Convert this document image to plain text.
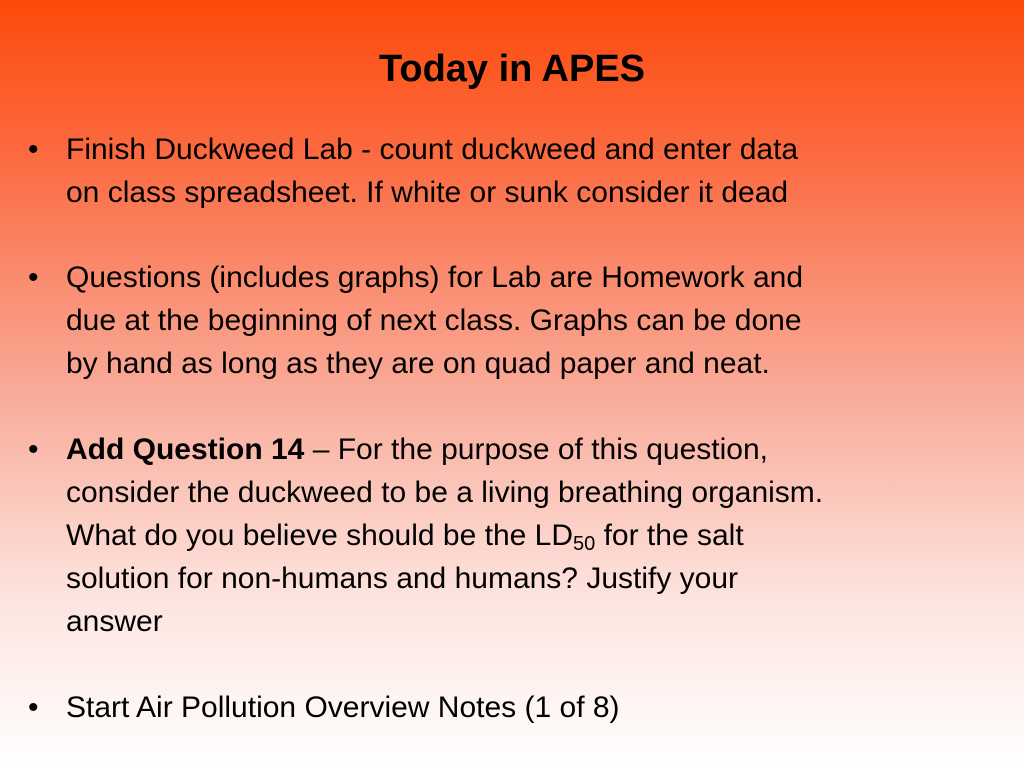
Today in APES
• Finish Duckweed Lab - count duckweed and enter data
on class spreadsheet. If white or sunk consider it dead
• Questions (includes graphs) for Lab are Homework and
due at the beginning of next class. Graphs can be done
by hand as long as they are on quad paper and neat.
• Add Question 14 – For the purpose of this question,
consider the duckweed to be a living breathing organism.
What do you believe should be the $LD_{50}$ for the salt
solution for non-humans and humans? Justify your
answer
• Start Air Pollution Overview Notes (1 of 8)
